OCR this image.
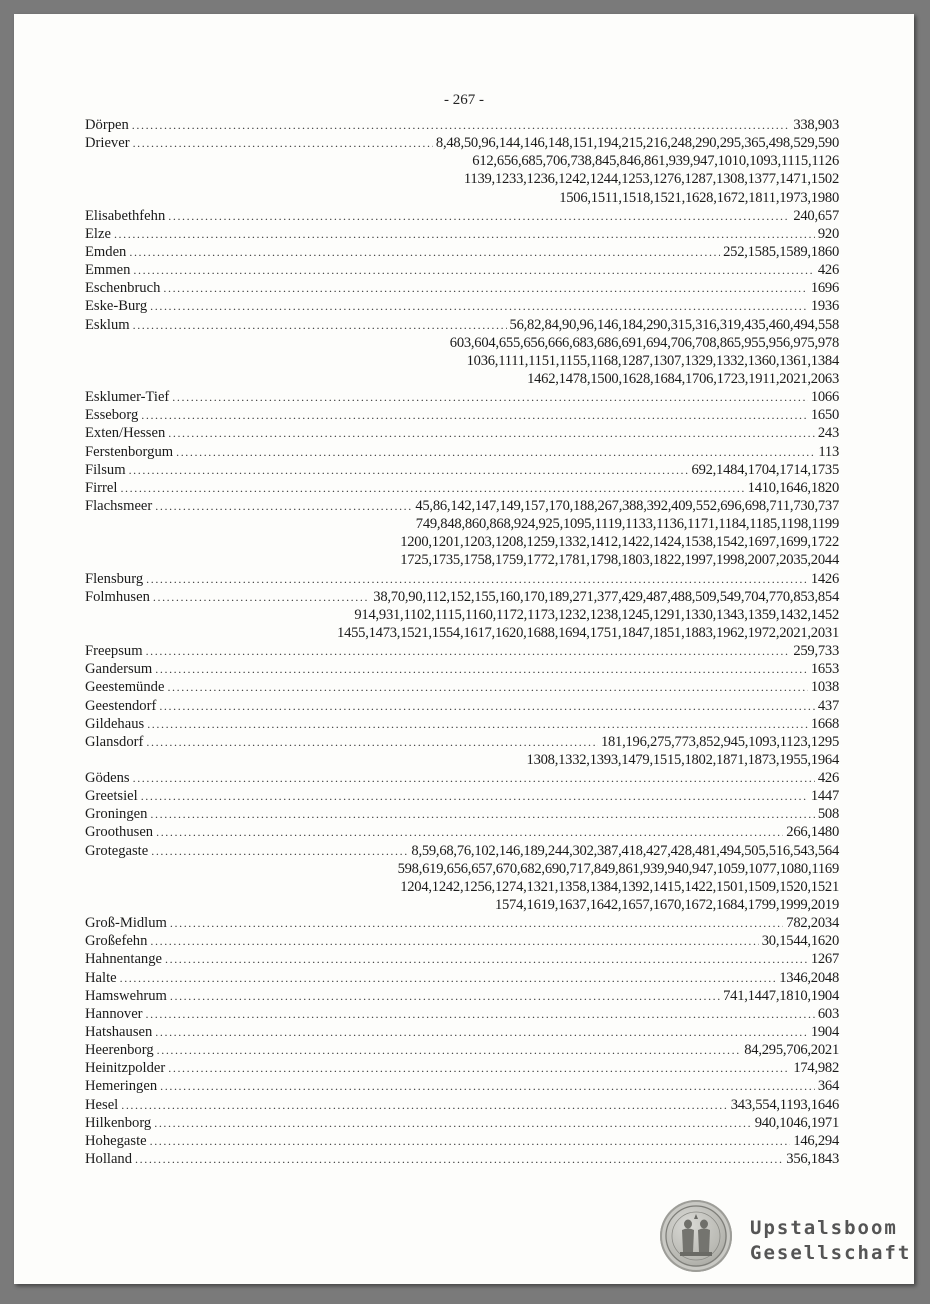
- 267 -
Dörpen .....	338,903
Driever .....	8,48,50,96,144,146,148,151,194,215,216,248,290,295,365,498,529,590
612,656,685,706,738,845,846,861,939,947,1010,1093,1115,1126
1139,1233,1236,1242,1244,1253,1276,1287,1308,1377,1471,1502
1506,1511,1518,1521,1628,1672,1811,1973,1980
Elisabethfehn .....	240,657
Elze .....	920
Emden .....	252,1585,1589,1860
Emmen .....	426
Eschenbruch .....	1696
Eske-Burg .....	1936
Esklum .....	56,82,84,90,96,146,184,290,315,316,319,435,460,494,558
603,604,655,656,666,683,686,691,694,706,708,865,955,956,975,978
1036,1111,1151,1155,1168,1287,1307,1329,1332,1360,1361,1384
1462,1478,1500,1628,1684,1706,1723,1911,2021,2063
Esklumer-Tief .....	1066
Esseborg .....	1650
Exten/Hessen .....	243
Ferstenborgum .....	113
Filsum .....	692,1484,1704,1714,1735
Firrel .....	1410,1646,1820
Flachsmeer .....	45,86,142,147,149,157,170,188,267,388,392,409,552,696,698,711,730,737
749,848,860,868,924,925,1095,1119,1133,1136,1171,1184,1185,1198,1199
1200,1201,1203,1208,1259,1332,1412,1422,1424,1538,1542,1697,1699,1722
1725,1735,1758,1759,1772,1781,1798,1803,1822,1997,1998,2007,2035,2044
Flensburg .....	1426
Folmhusen .....	38,70,90,112,152,155,160,170,189,271,377,429,487,488,509,549,704,770,853,854
914,931,1102,1115,1160,1172,1173,1232,1238,1245,1291,1330,1343,1359,1432,1452
1455,1473,1521,1554,1617,1620,1688,1694,1751,1847,1851,1883,1962,1972,2021,2031
Freepsum .....	259,733
Gandersum .....	1653
Geestemünde .....	1038
Geestendorf .....	437
Gildehaus .....	1668
Glansdorf .....	181,196,275,773,852,945,1093,1123,1295
1308,1332,1393,1479,1515,1802,1871,1873,1955,1964
Gödens .....	426
Greetsiel .....	1447
Groningen .....	508
Groothusen .....	266,1480
Grotegaste .....	8,59,68,76,102,146,189,244,302,387,418,427,428,481,494,505,516,543,564
598,619,656,657,670,682,690,717,849,861,939,940,947,1059,1077,1080,1169
1204,1242,1256,1274,1321,1358,1384,1392,1415,1422,1501,1509,1520,1521
1574,1619,1637,1642,1657,1670,1672,1684,1799,1999,2019
Groß-Midlum .....	782,2034
Großefehn .....	30,1544,1620
Hahnentange .....	1267
Halte .....	1346,2048
Hamswehrum .....	741,1447,1810,1904
Hannover .....	603
Hatshausen .....	1904
Heerenborg .....	84,295,706,2021
Heinitzpolder .....	174,982
Hemeringen .....	364
Hesel .....	343,554,1193,1646
Hilkenborg .....	940,1046,1971
Hohegaste .....	146,294
Holland .....	356,1843
Upstalsboom
Gesellschaft
